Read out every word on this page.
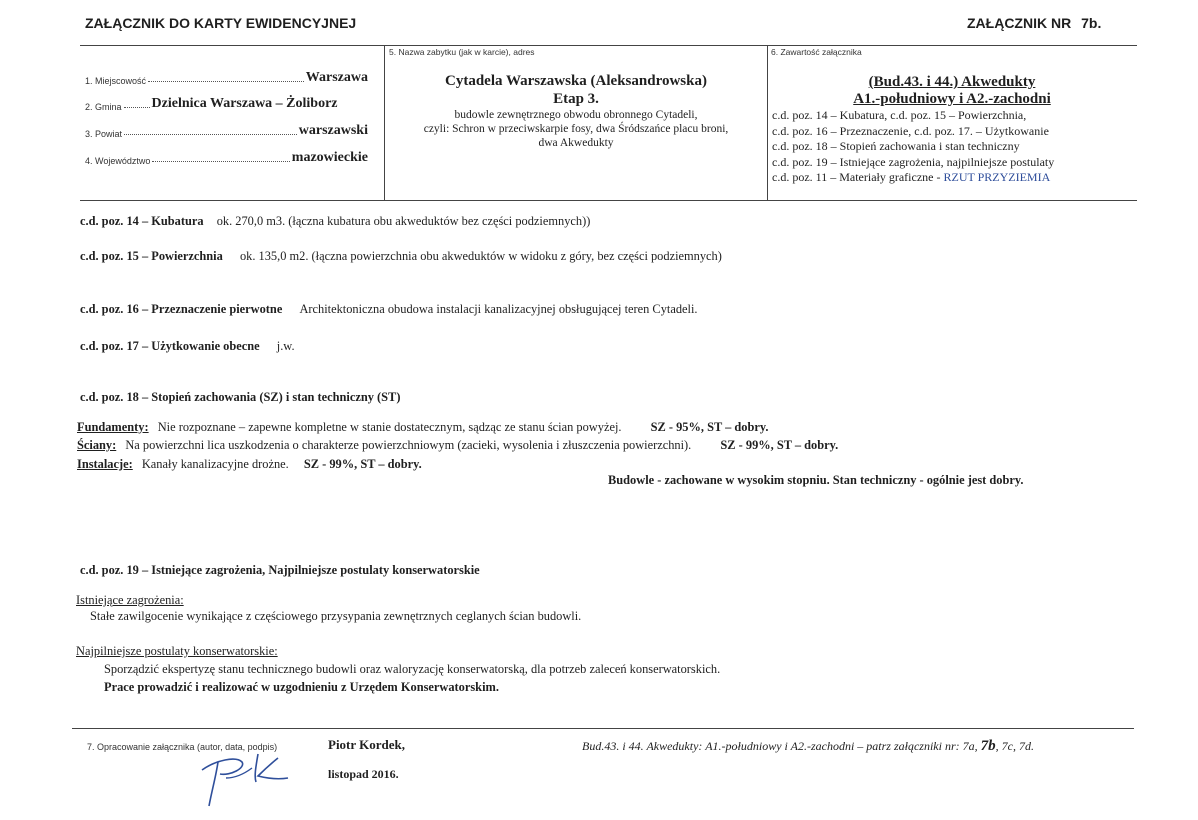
ZAŁĄCZNIK DO KARTY EWIDENCYJNEJ	ZAŁĄCZNIK NR 7b.
1. Miejscowość	Warszawa
2. Gmina Dzielnica Warszawa – Żoliborz
3. Powiat	warszawski
4. Województwo	mazowieckie
5. Nazwa zabytku (jak w karcie), adres
Cytadela Warszawska (Aleksandrowska)
Etap 3.
budowle zewnętrznego obwodu obronnego Cytadeli,
czyli: Schron w przeciwskarpie fosy, dwa Śródszańce placu broni,
dwa Akwedukty
6. Zawartość załącznika
(Bud.43. i 44.) Akwedukty
A1.-południowy i A2.-zachodni
c.d. poz. 14 – Kubatura, c.d. poz. 15 – Powierzchnia,
c.d. poz. 16 – Przeznaczenie, c.d. poz. 17. – Użytkowanie
c.d. poz. 18 – Stopień zachowania i stan techniczny
c.d. poz. 19 – Istniejące zagrożenia, najpilniejsze postulaty
c.d. poz. 11 – Materiały graficzne - RZUT PRZYZIEMIA
c.d. poz. 14 – Kubatura ok. 270,0 m3. (łączna kubatura obu akweduktów bez części podziemnych))
c.d. poz. 15 – Powierzchnia ok. 135,0 m2. (łączna powierzchnia obu akweduktów w widoku z góry, bez części podziemnych)
c.d. poz. 16 – Przeznaczenie pierwotne Architektoniczna obudowa instalacji kanalizacyjnej obsługującej teren Cytadeli.
c.d. poz. 17 – Użytkowanie obecne j.w.
c.d. poz. 18 – Stopień zachowania (SZ) i stan techniczny (ST)
Fundamenty: Nie rozpoznane – zapewne kompletne w stanie dostatecznym, sądząc ze stanu ścian powyżej. SZ - 95%, ST – dobry.
Ściany: Na powierzchni lica uszkodzenia o charakterze powierzchniowym (zacieki, wysolenia i złuszczenia powierzchni). SZ - 99%, ST – dobry.
Instalacje: Kanały kanalizacyjne drożne. SZ - 99%, ST – dobry.
Budowle - zachowane w wysokim stopniu. Stan techniczny - ogólnie jest dobry.
c.d. poz. 19 – Istniejące zagrożenia, Najpilniejsze postulaty konserwatorskie
Istniejące zagrożenia:
Stałe zawilgocenie wynikające z częściowego przysypania zewnętrznych ceglanych ścian budowli.
Najpilniejsze postulaty konserwatorskie:
Sporządzić ekspertyzę stanu technicznego budowli oraz waloryzację konserwatorską, dla potrzeb zaleceń konserwatorskich.
Prace prowadzić i realizować w uzgodnieniu z Urzędem Konserwatorskim.
7. Opracowanie załącznika (autor, data, podpis)	Piotr Kordek,
listopad 2016.
Bud.43. i 44. Akwedukty: A1.-południowy i A2.-zachodni – patrz załączniki nr: 7a, 7b, 7c, 7d.
